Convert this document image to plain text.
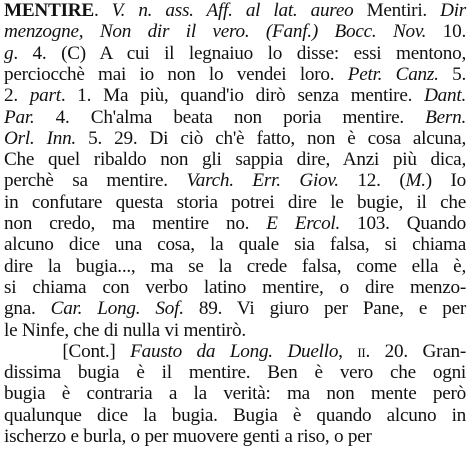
MENTIRE. V. n. ass. Aff. al lat. aureo Mentiri. Dir
menzogne, Non dir il vero. (Fanf.) Bocc. Nov. 10.
g. 4. (C) A cui il legnaiuo lo disse: essi mentono,
perciocchè mai io non lo vendei loro. Petr. Canz. 5.
2. part. 1. Ma più, quand'io dirò senza mentire. Dant.
Par. 4. Ch'alma beata non poria mentire. Bern.
Orl. Inn. 5. 29. Di ciò ch'è fatto, non è cosa alcuna,
Che quel ribaldo non gli sappia dire, Anzi più dica,
perchè sa mentire. Varch. Err. Giov. 12. (M.) Io
in confutare questa storia potrei dire le bugie, il che
non credo, ma mentire no. E Ercol. 103. Quando
alcuno dice una cosa, la quale sia falsa, si chiama
dire la bugia..., ma se la crede falsa, come ella è,
si chiama con verbo latino mentire, o dire menzo-
gna. Car. Long. Sof. 89. Vi giuro per Pane, e per
le Ninfe, che di nulla vi mentirò.
[Cont.] Fausto da Long. Duello, ii. 20. Gran-
dissima bugia è il mentire. Ben è vero che ogni
bugia è contraria a la verità: ma non mente però
qualunque dice la bugia. Bugia è quando alcuno in
ischerzo e burla, o per muovere genti a riso, o per
